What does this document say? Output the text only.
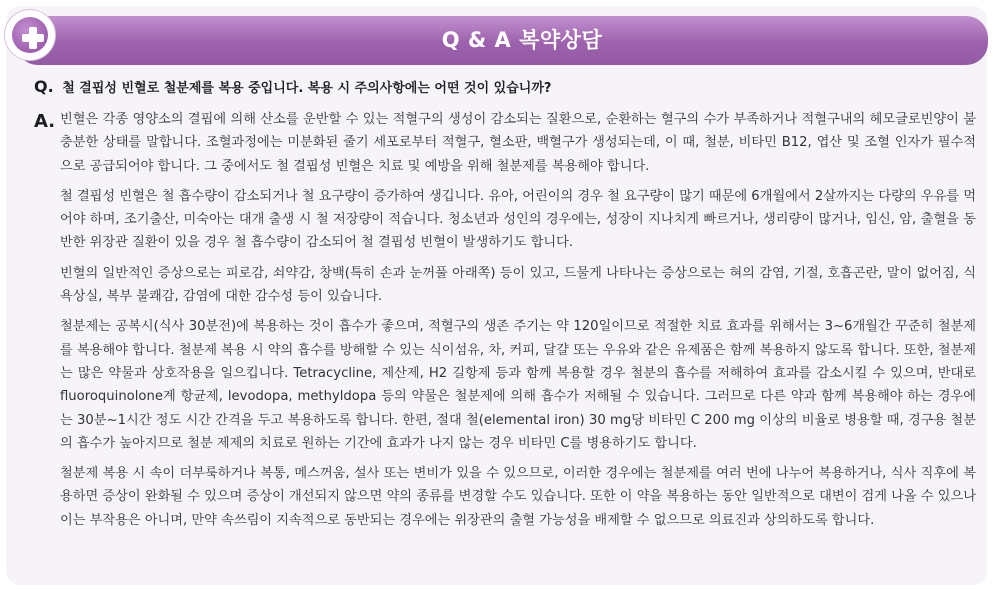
Q & A 복약상담
Q. 철 결핍성 빈혈로 철분제를 복용 중입니다. 복용 시 주의사항에는 어떤 것이 있습니까?
A. 빈혈은 각종 영양소의 결핍에 의해 산소를 운반할 수 있는 적혈구의 생성이 감소되는 질환으로, 순환하는 혈구의 수가 부족하거나 적혈구내의 헤모글로빈양이 불충분한 상태를 말합니다. 조혈과정에는 미분화된 줄기 세포로부터 적혈구, 혈소판, 백혈구가 생성되는데, 이 때, 철분, 비타민 B12, 엽산 및 조혈 인자가 필수적으로 공급되어야 합니다. 그 중에서도 철 결핍성 빈혈은 치료 및 예방을 위해 철분제를 복용해야 합니다.

철 결핍성 빈혈은 철 흡수량이 감소되거나 철 요구량이 증가하여 생깁니다. 유아, 어린이의 경우 철 요구량이 많기 때문에 6개월에서 2살까지는 다량의 우유를 먹어야 하며, 조기출산, 미숙아는 대개 출생 시 철 저장량이 적습니다. 청소년과 성인의 경우에는, 성장이 지나치게 빠르거나, 생리량이 많거나, 임신, 암, 출혈을 동반한 위장관 질환이 있을 경우 철 흡수량이 감소되어 철 결핍성 빈혈이 발생하기도 합니다.

빈혈의 일반적인 증상으로는 피로감, 쇠약감, 창백(특히 손과 눈꺼풀 아래쪽) 등이 있고, 드물게 나타나는 증상으로는 혀의 감염, 기절, 호흡곤란, 말이 없어짐, 식욕상실, 복부 불쾌감, 감염에 대한 감수성 등이 있습니다.

철분제는 공복시(식사 30분전)에 복용하는 것이 흡수가 좋으며, 적혈구의 생존 주기는 약 120일이므로 적절한 치료 효과를 위해서는 3~6개월간 꾸준히 철분제를 복용해야 합니다. 철분제 복용 시 약의 흡수를 방해할 수 있는 식이섬유, 차, 커피, 달걀 또는 우유와 같은 유제품은 함께 복용하지 않도록 합니다. 또한, 철분제는 많은 약물과 상호작용을 일으킵니다. Tetracycline, 제산제, H2 길항제 등과 함께 복용할 경우 철분의 흡수를 저해하여 효과를 감소시킬 수 있으며, 반대로 fluoroquinolone계 항균제, levodopa, methyldopa 등의 약물은 철분제에 의해 흡수가 저해될 수 있습니다. 그러므로 다른 약과 함께 복용해야 하는 경우에는 30분~1시간 정도 시간 간격을 두고 복용하도록 합니다. 한편, 절대 철(elemental iron) 30 mg당 비타민 C 200 mg 이상의 비율로 병용할 때, 경구용 철분의 흡수가 높아지므로 철분 제제의 치료로 원하는 기간에 효과가 나지 않는 경우 비타민 C를 병용하기도 합니다.

철분제 복용 시 속이 더부룩하거나 복통, 메스꺼움, 설사 또는 변비가 있을 수 있으므로, 이러한 경우에는 철분제를 여러 번에 나누어 복용하거나, 식사 직후에 복용하면 증상이 완화될 수 있으며 증상이 개선되지 않으면 약의 종류를 변경할 수도 있습니다. 또한 이 약을 복용하는 동안 일반적으로 대변이 검게 나올 수 있으나 이는 부작용은 아니며, 만약 속쓰림이 지속적으로 동반되는 경우에는 위장관의 출혈 가능성을 배제할 수 없으므로 의료진과 상의하도록 합니다.
